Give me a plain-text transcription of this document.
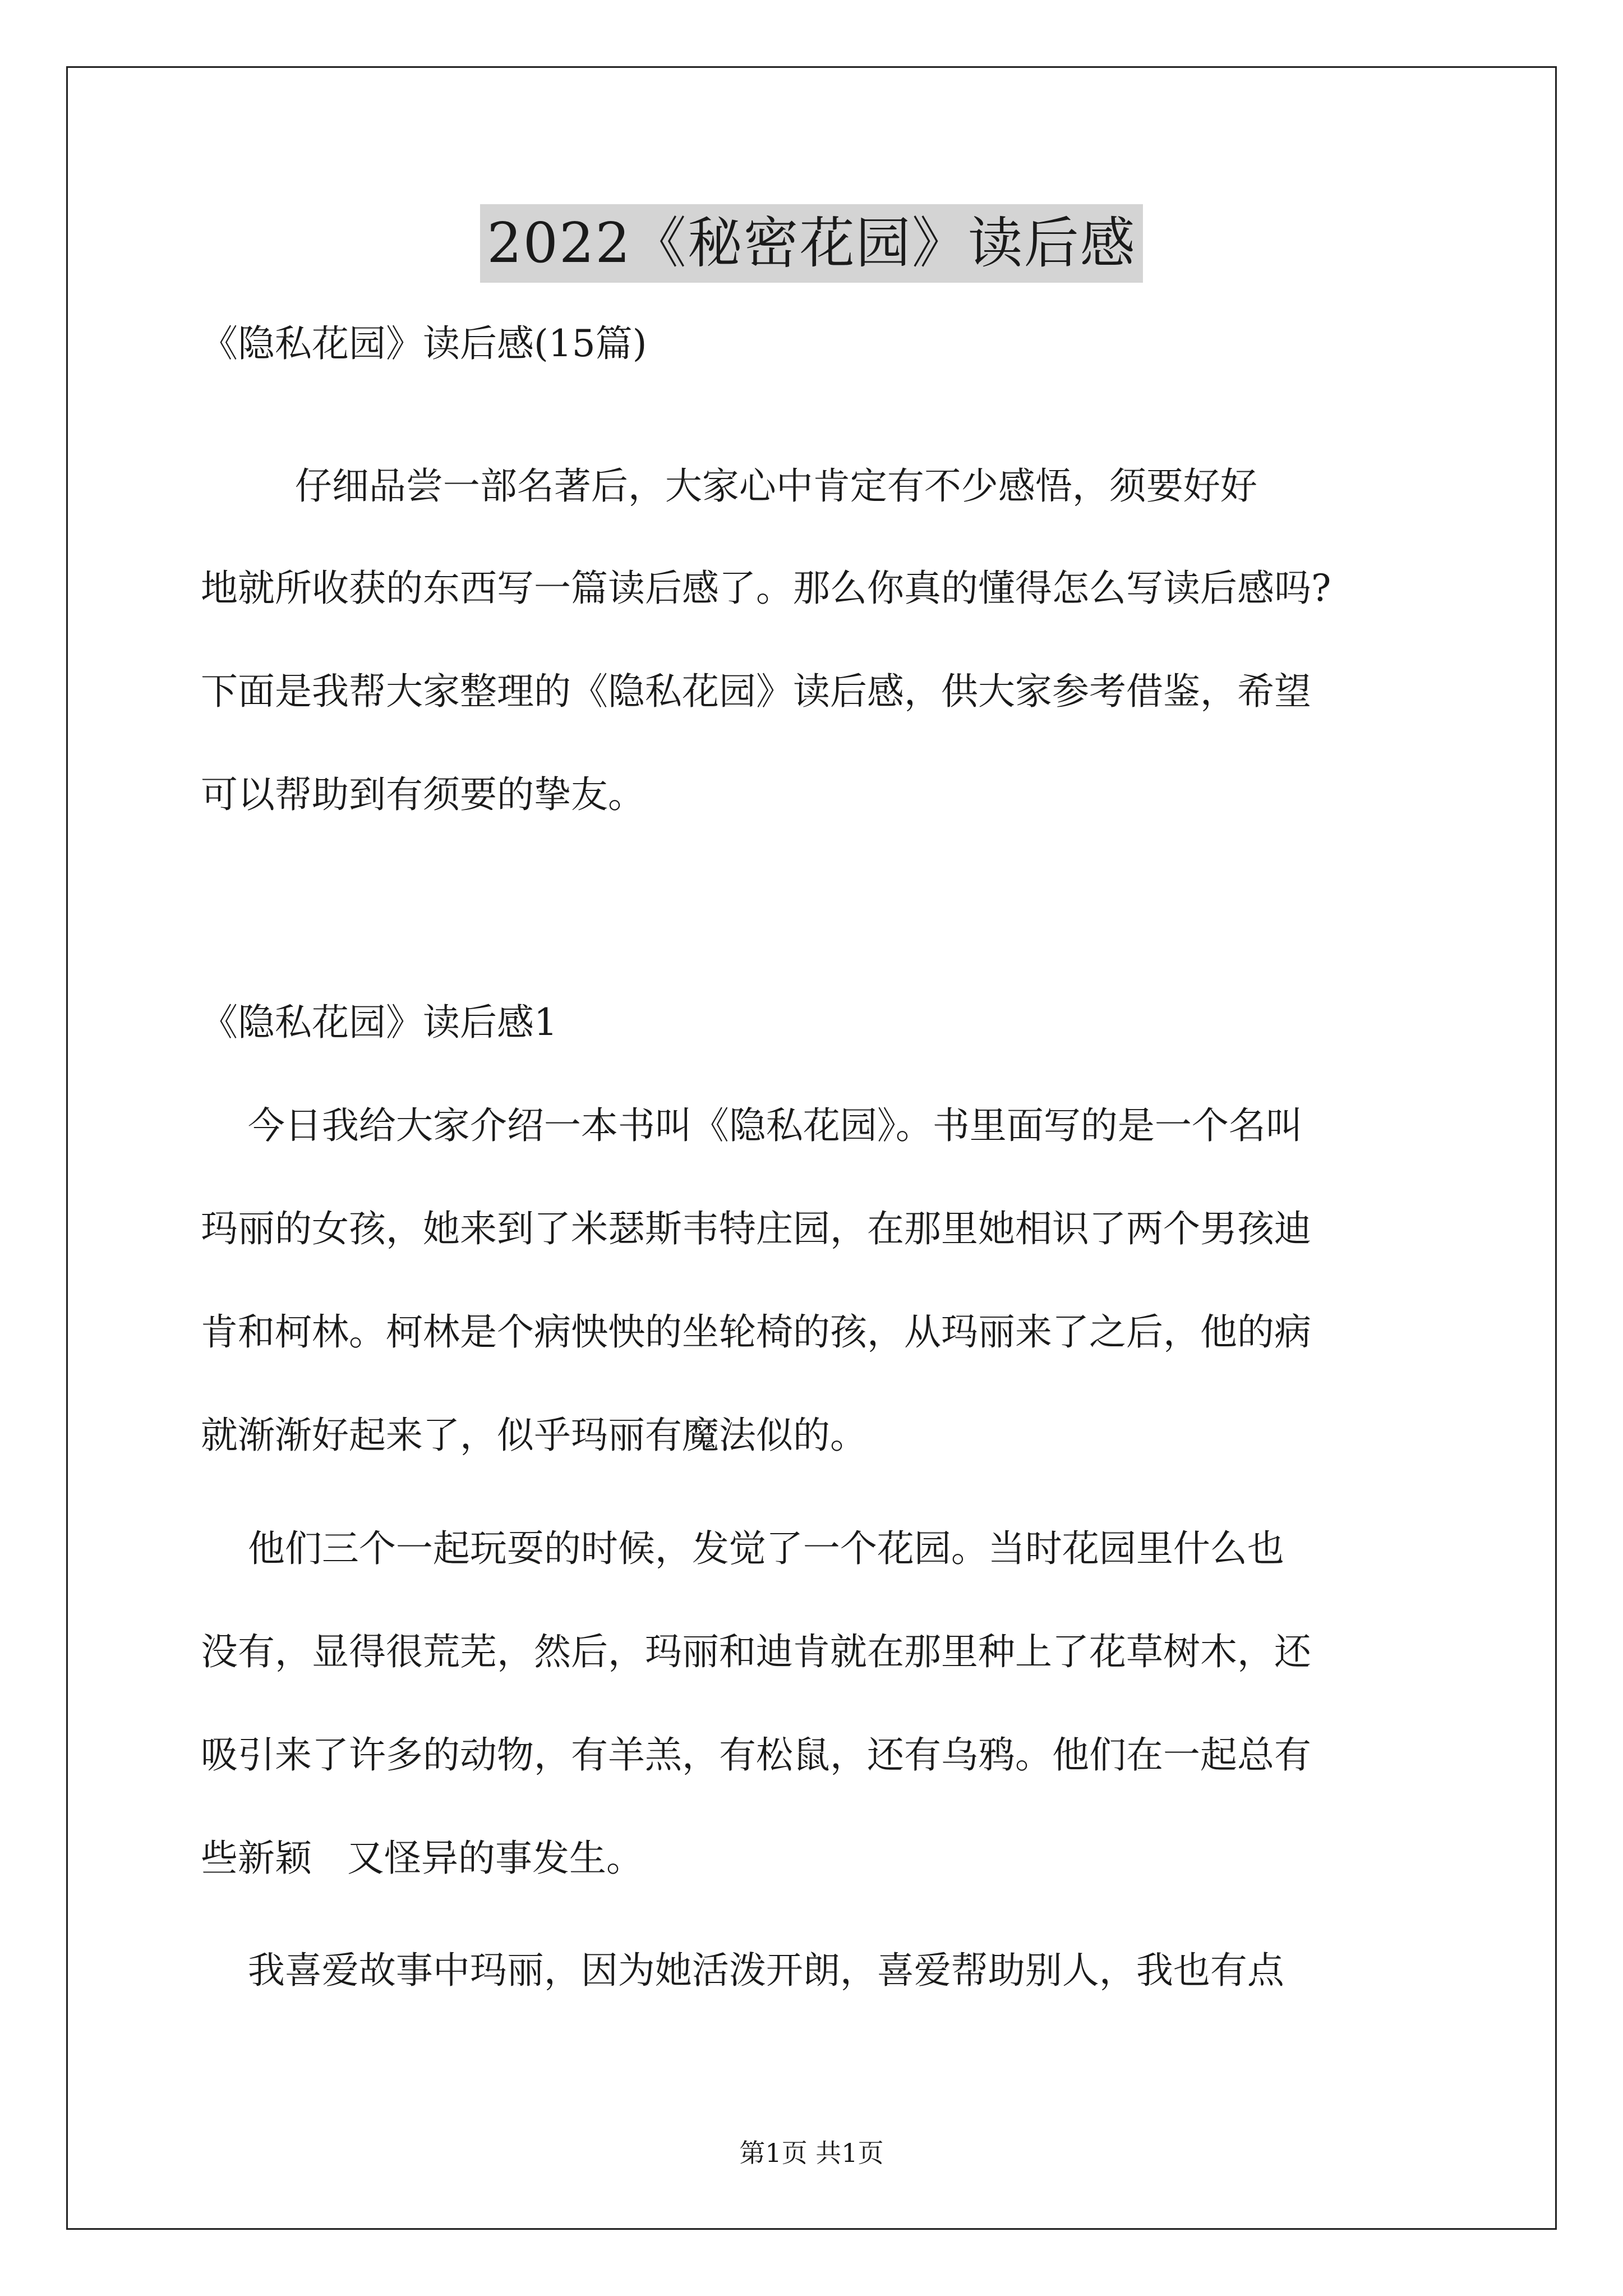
2022《秘密花园》读后感
《隐私花园》读后感(15篇)
仔细品尝一部名著后，大家心中肯定有不少感悟，须要好好
地就所收获的东西写一篇读后感了。那么你真的懂得怎么写读后感吗?
下面是我帮大家整理的《隐私花园》读后感，供大家参考借鉴，希望
可以帮助到有须要的挚友。
《隐私花园》读后感1
今日我给大家介绍一本书叫《隐私花园》。书里面写的是一个名叫
玛丽的女孩，她来到了米瑟斯韦特庄园，在那里她相识了两个男孩迪
肯和柯林。柯林是个病怏怏的坐轮椅的孩，从玛丽来了之后，他的病
就渐渐好起来了，似乎玛丽有魔法似的。
他们三个一起玩耍的时候，发觉了一个花园。当时花园里什么也
没有，显得很荒芜，然后，玛丽和迪肯就在那里种上了花草树木，还
吸引来了许多的动物，有羊羔，有松鼠，还有乌鸦。他们在一起总有
些新颖   又怪异的事发生。
我喜爱故事中玛丽，因为她活泼开朗，喜爱帮助别人，我也有点
第1页 共1页
